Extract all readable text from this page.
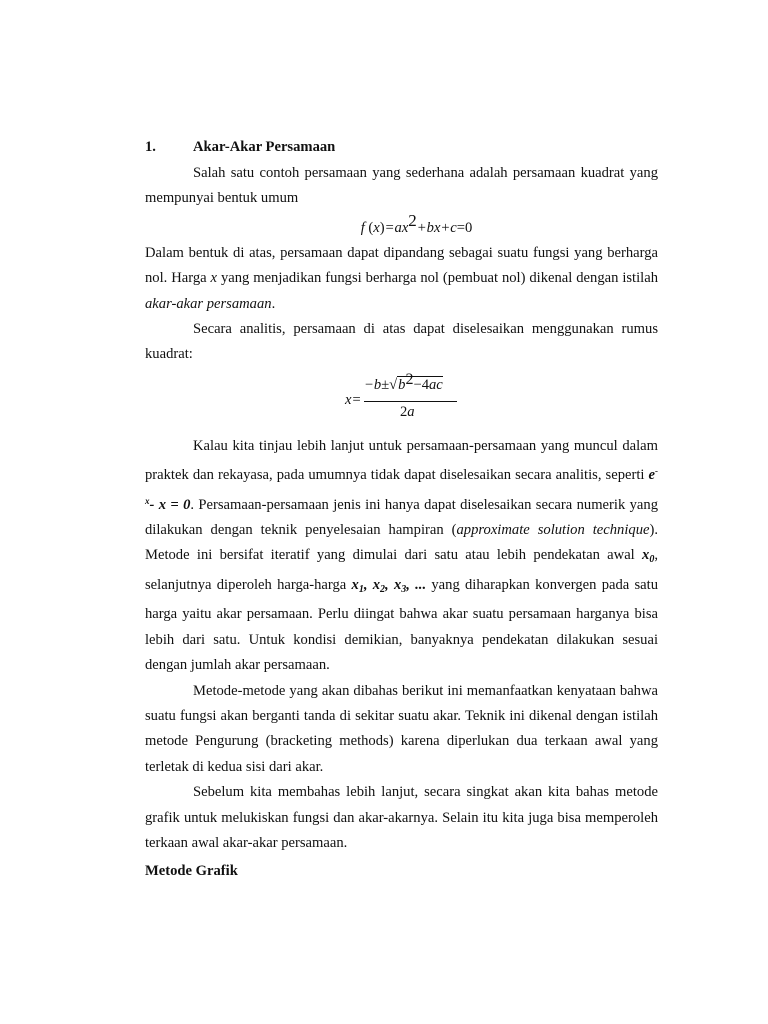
1.	Akar-Akar Persamaan

Salah satu contoh persamaan yang sederhana adalah persamaan kuadrat yang mempunyai bentuk umum

f (x)=ax2+bx+c=0

Dalam bentuk di atas, persamaan dapat dipandang sebagai suatu fungsi yang berharga nol. Harga x yang menjadikan fungsi berharga nol (pembuat nol) dikenal dengan istilah akar-akar persamaan.

Secara analitis, persamaan di atas dapat diselesaikan menggunakan rumus kuadrat:

x=
−b±√b2−4ac
2a

Kalau kita tinjau lebih lanjut untuk persamaan-persamaan yang muncul dalam praktek dan rekayasa, pada umumnya tidak dapat diselesaikan secara analitis, seperti $e^{-x}-$ x = 0. Persamaan-persamaan jenis ini hanya dapat diselesaikan secara numerik yang dilakukan dengan teknik penyelesaian hampiran (approximate solution technique). Metode ini bersifat iteratif yang dimulai dari satu atau lebih pendekatan awal $x_0$, selanjutnya diperoleh harga-harga $x_1$, $x_2$, $x_3$, ... yang diharapkan konvergen pada satu harga yaitu akar persamaan. Perlu diingat bahwa akar suatu persamaan harganya bisa lebih dari satu. Untuk kondisi demikian, banyaknya pendekatan dilakukan sesuai dengan jumlah akar persamaan.

Metode-metode yang akan dibahas berikut ini memanfaatkan kenyataan bahwa suatu fungsi akan berganti tanda di sekitar suatu akar. Teknik ini dikenal dengan istilah metode Pengurung (bracketing methods) karena diperlukan dua terkaan awal yang terletak di kedua sisi dari akar.

Sebelum kita membahas lebih lanjut, secara singkat akan kita bahas metode grafik untuk melukiskan fungsi dan akar-akarnya. Selain itu kita juga bisa memperoleh terkaan awal akar-akar persamaan.

Metode Grafik
